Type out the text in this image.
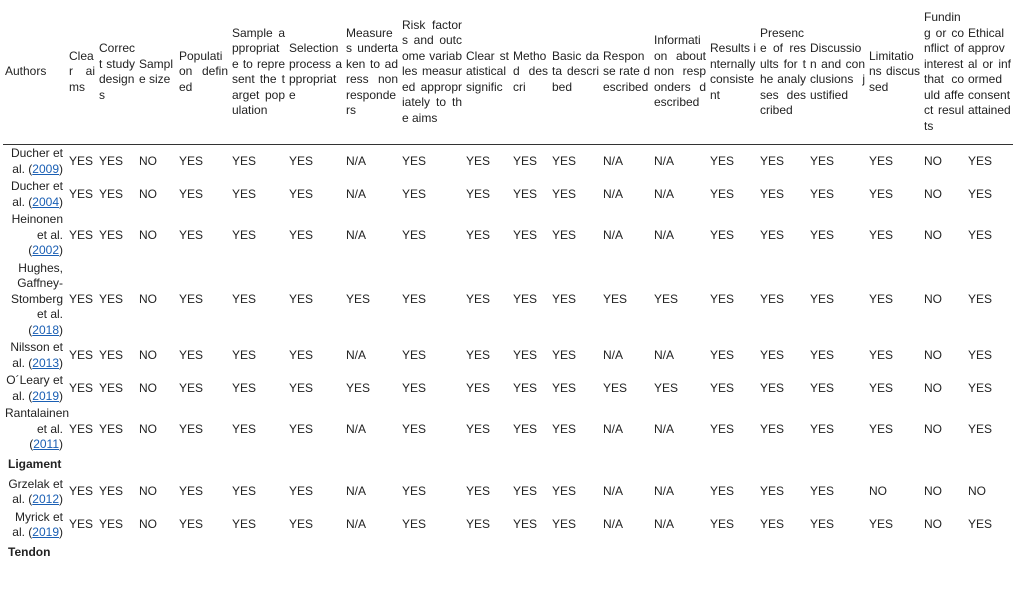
Authors	Clear aims	Correct study designs	Sample size	Population defined	Sample appropriate to represent the target population	Selection process appropriate	Measures undertaken to adress non responders	Risk factors and outcome variables measured appropriately to the aims	Clear statistical signific	Method descri	Basic data described	Response rate described	Information about non responders described	Results internally consistent	Presence of results for the analyses described	Discussion and conclusions justified	Limitations discussed	Funding or conflict of interest that could affect results	Ethical approval or informed consent attained
Ducher et al. (2009)	YES	YES	NO	YES	YES	YES	N/A	YES	YES	YES	YES	N/A	N/A	YES	YES	YES	YES	NO	YES
Ducher et al. (2004)	YES	YES	NO	YES	YES	YES	N/A	YES	YES	YES	YES	N/A	N/A	YES	YES	YES	YES	NO	YES
Heinonen et al. (2002)	YES	YES	NO	YES	YES	YES	N/A	YES	YES	YES	YES	N/A	N/A	YES	YES	YES	YES	NO	YES
Hughes, Gaffney-Stomberg et al. (2018)	YES	YES	NO	YES	YES	YES	YES	YES	YES	YES	YES	YES	YES	YES	YES	YES	YES	NO	YES
Nilsson et al. (2013)	YES	YES	NO	YES	YES	YES	N/A	YES	YES	YES	YES	N/A	N/A	YES	YES	YES	YES	NO	YES
O´Leary et al. (2019)	YES	YES	NO	YES	YES	YES	YES	YES	YES	YES	YES	YES	YES	YES	YES	YES	YES	NO	YES
Rantalainen et al. (2011)	YES	YES	NO	YES	YES	YES	N/A	YES	YES	YES	YES	N/A	N/A	YES	YES	YES	YES	NO	YES
Ligament																			
Grzelak et al. (2012)	YES	YES	NO	YES	YES	YES	N/A	YES	YES	YES	YES	N/A	N/A	YES	YES	YES	NO	NO	NO
Myrick et al. (2019)	YES	YES	NO	YES	YES	YES	N/A	YES	YES	YES	YES	N/A	N/A	YES	YES	YES	YES	NO	YES
Tendon																			
